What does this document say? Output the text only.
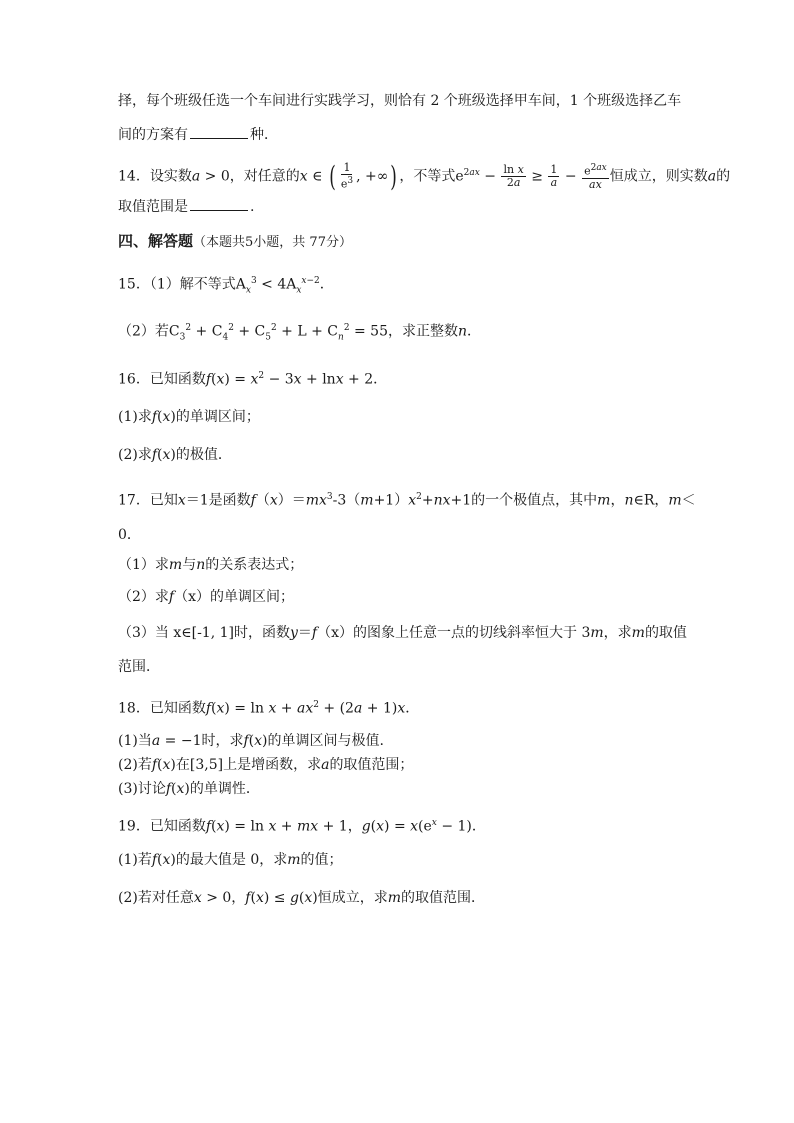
择，每个班级任选一个车间进行实践学习，则恰有 2 个班级选择甲车间，1 个班级选择乙车

间的方案有	种．

14．设实数a > 0，对任意的x ∈ ( $\frac{1}{e^3}$ , +∞) ，不等式$e^{2ax} - \frac{\text{ln x}}{2a} \ge \frac{1}{a} - \frac{e^{2ax}}{ax}$ 恒成立，则实数a的

取值范围是	.

四、解答题（本题共5小题，共 77分）

15．（1）解不等式$A_x^3 < 4A_x^{x-2}$．

（2）若$C_3^2 + C_4^2 + C_5^2 + L + C_n^2 = 55$，求正整数n．

16．已知函数$f(x) = x^2 - 3x + \ln x + 2$．

(1)求f(x)的单调区间；

(2)求f(x)的极值．

17．已知x＝1是函数$f(x)=mx^3-3(m+1)x^2+nx+1$的一个极值点，其中m，n∈R，m＜

0．

（1）求m与n的关系表达式；

（2）求f（x）的单调区间；

（3）当 x∈[-1, 1]时，函数y＝f（x）的图象上任意一点的切线斜率恒大于 3m，求m的取值

范围．

18．已知函数$f(x) = \ln x + ax^2 + (2a + 1)x$．

(1)当a = −1时，求f(x)的单调区间与极值.

(2)若f(x)在[3,5]上是增函数，求a的取值范围；

(3)讨论f(x)的单调性．

19．已知函数f(x) = ln x + mx + 1，$g(x) = x(e^x - 1)$．

(1)若f(x)的最大值是 0，求m的值；

(2)若对任意x > 0，f(x) ≤ g(x)恒成立，求m的取值范围．
